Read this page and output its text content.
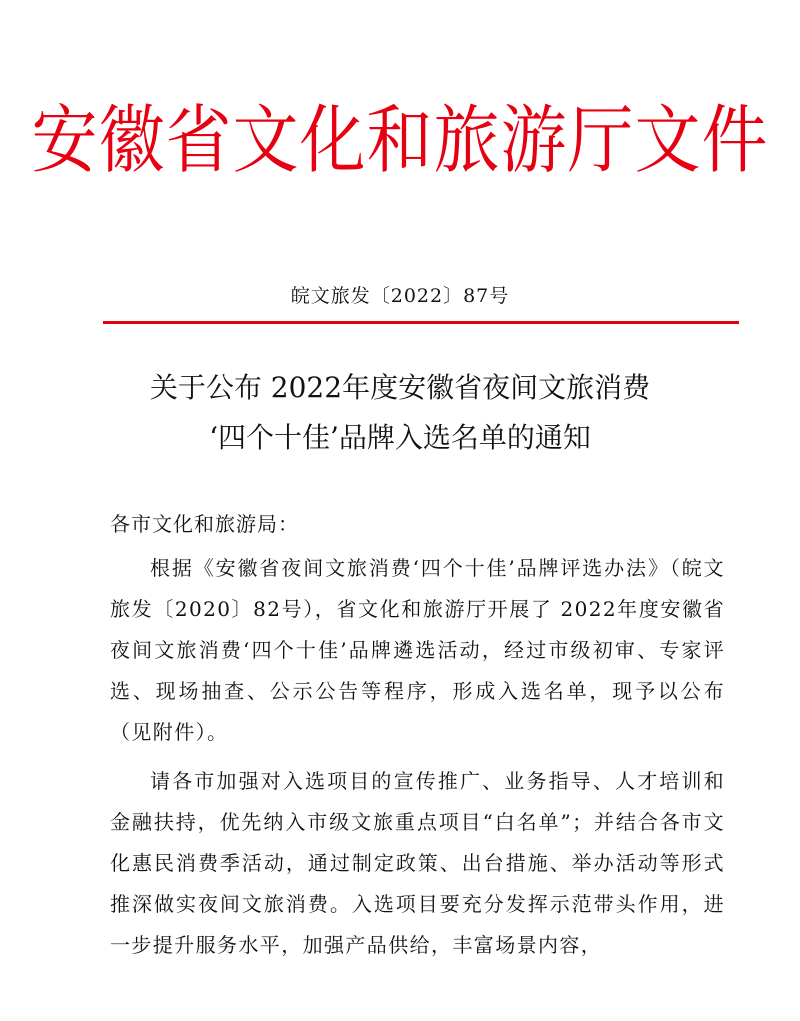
安徽省文化和旅游厅文件
皖文旅发〔2022〕87号
关于公布 2022年度安徽省夜间文旅消费
‘四个十佳’品牌入选名单的通知
各市文化和旅游局：

根据《安徽省夜间文旅消费‘四个十佳’品牌评选办法》（皖文旅发〔2020〕82号），省文化和旅游厅开展了 2022年度安徽省夜间文旅消费‘四个十佳’品牌遴选活动，经过市级初审、专家评选、现场抽查、公示公告等程序，形成入选名单，现予以公布（见附件）。

请各市加强对入选项目的宣传推广、业务指导、人才培训和金融扶持，优先纳入市级文旅重点项目“白名单”；并结合各市文化惠民消费季活动，通过制定政策、出台措施、举办活动等形式推深做实夜间文旅消费。入选项目要充分发挥示范带头作用，进一步提升服务水平，加强产品供给，丰富场景内容，
